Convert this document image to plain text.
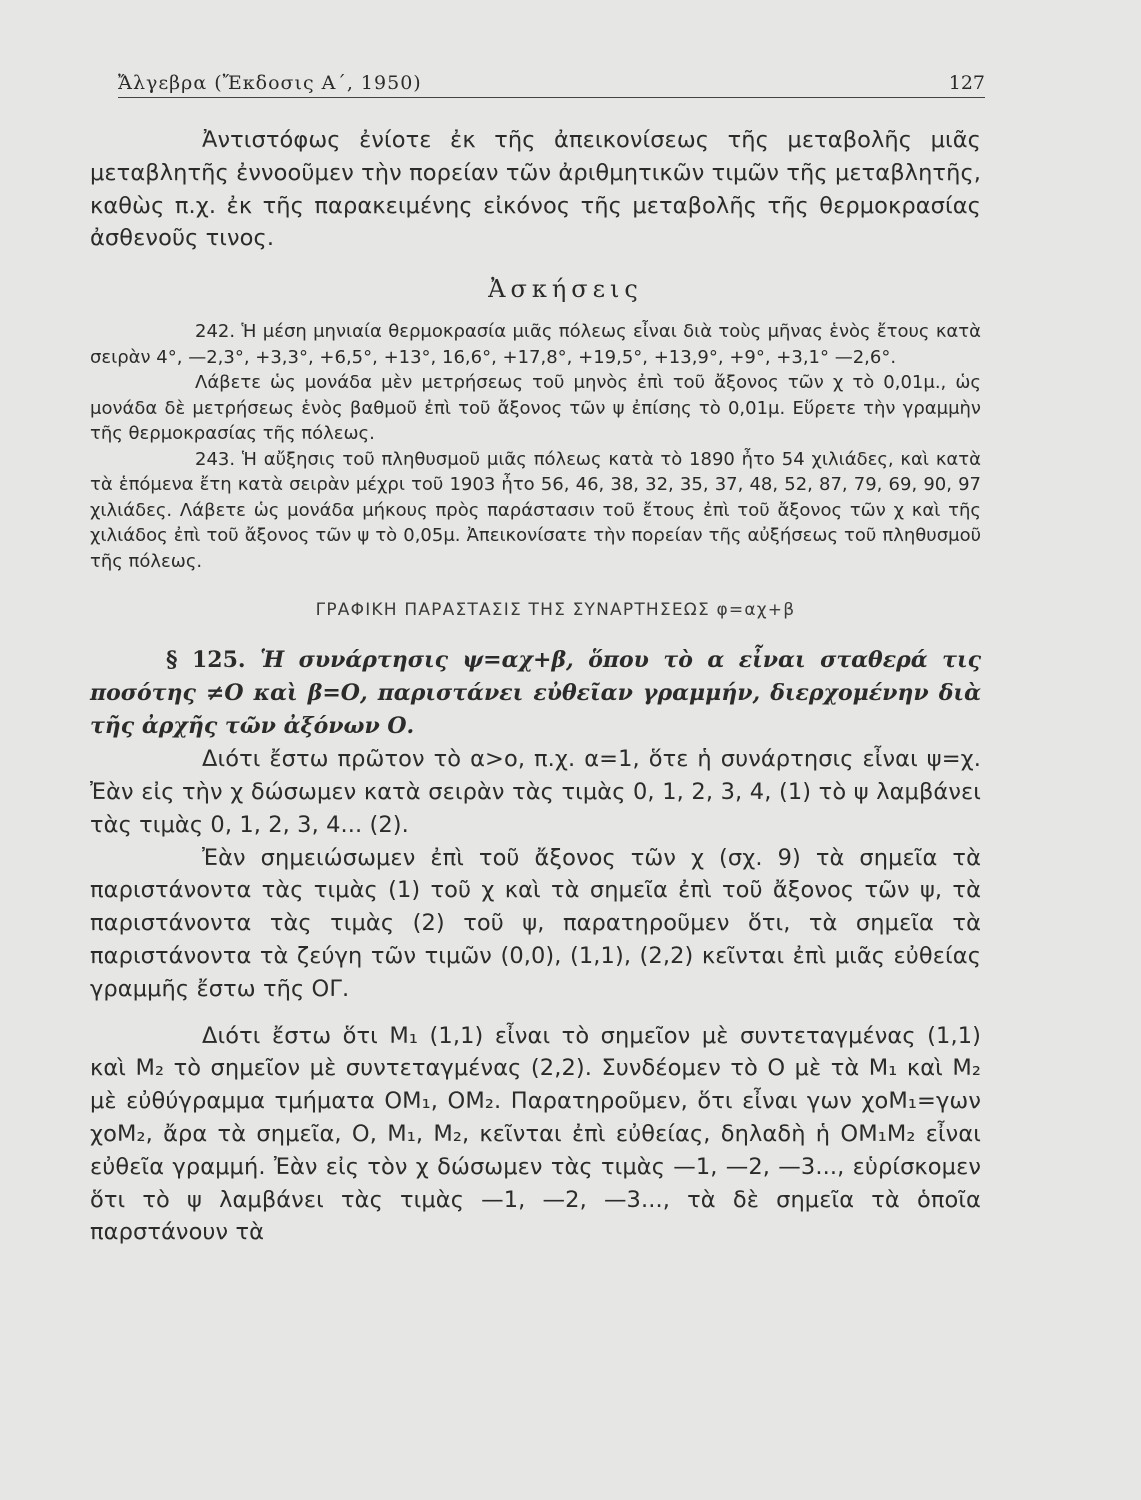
Ἄλγεβρα (Ἔκδοσις Α΄, 1950)	127

Ἀντιστόφως ἐνίοτε ἐκ τῆς ἀπεικονίσεως τῆς μεταβολῆς μιᾶς μεταβλητῆς ἐννοοῦμεν τὴν πορείαν τῶν ἀριθμητικῶν τιμῶν τῆς μεταβλητῆς, καθὼς π.χ. ἐκ τῆς παρακειμένης εἰκόνος τῆς μεταβολῆς τῆς θερμοκρασίας ἀσθενοῦς τινος.

Ἀσκήσεις

242. Ἡ μέση μηνιαία θερμοκρασία μιᾶς πόλεως εἶναι διὰ τοὺς μῆνας ἑνὸς ἔτους κατὰ σειρὰν 4°, —2,3°, +3,3°, +6,5°, +13°, 16,6°, +17,8°, +19,5°, +13,9°, +9°, +3,1° —2,6°.

Λάβετε ὡς μονάδα μὲν μετρήσεως τοῦ μηνὸς ἐπὶ τοῦ ἄξονος τῶν χ τὸ 0,01μ., ὡς μονάδα δὲ μετρήσεως ἑνὸς βαθμοῦ ἐπὶ τοῦ ἄξονος τῶν ψ ἐπίσης τὸ 0,01μ. Εὕρετε τὴν γραμμὴν τῆς θερμοκρασίας τῆς πόλεως.

243. Ἡ αὔξησις τοῦ πληθυσμοῦ μιᾶς πόλεως κατὰ τὸ 1890 ἦτο 54 χιλιάδες, καὶ κατὰ τὰ ἑπόμενα ἔτη κατὰ σειρὰν μέχρι τοῦ 1903 ἦτο 56, 46, 38, 32, 35, 37, 48, 52, 87, 79, 69, 90, 97 χιλιάδες. Λάβετε ὡς μονάδα μήκους πρὸς παράστασιν τοῦ ἔτους ἐπὶ τοῦ ἄξονος τῶν χ καὶ τῆς χιλιάδος ἐπὶ τοῦ ἄξονος τῶν ψ τὸ 0,05μ. Ἀπεικονίσατε τὴν πορείαν τῆς αὐξήσεως τοῦ πληθυσμοῦ τῆς πόλεως.

ΓΡΑΦΙΚΗ ΠΑΡΑΣΤΑΣΙΣ ΤΗΣ ΣΥΝΑΡΤΗΣΕΩΣ φ=αχ+β

§ 125. Ἡ συνάρτησις ψ=αχ+β, ὅπου τὸ α εἶναι σταθερά τις ποσότης ≠Ο καὶ β=Ο, παριστάνει εὐθεῖαν γραμμήν, διερχομένην διὰ τῆς ἀρχῆς τῶν ἀξόνων Ο.

Διότι ἔστω πρῶτον τὸ α>ο, π.χ. α=1, ὅτε ἡ συνάρτησις εἶναι ψ=χ. Ἐὰν εἰς τὴν χ δώσωμεν κατὰ σειρὰν τὰς τιμὰς 0, 1, 2, 3, 4, (1) τὸ ψ λαμβάνει τὰς τιμὰς 0, 1, 2, 3, 4... (2).

Ἐὰν σημειώσωμεν ἐπὶ τοῦ ἄξονος τῶν χ (σχ. 9) τὰ σημεῖα τὰ παριστάνοντα τὰς τιμὰς (1) τοῦ χ καὶ τὰ σημεῖα ἐπὶ τοῦ ἄξονος τῶν ψ, τὰ παριστάνοντα τὰς τιμὰς (2) τοῦ ψ, παρατηροῦμεν ὅτι, τὰ σημεῖα τὰ παριστάνοντα τὰ ζεύγη τῶν τιμῶν (0,0), (1,1), (2,2) κεῖνται ἐπὶ μιᾶς εὐθείας γραμμῆς ἔστω τῆς ΟΓ.

Διότι ἔστω ὅτι Μ₁ (1,1) εἶναι τὸ σημεῖον μὲ συντεταγμένας (1,1) καὶ Μ₂ τὸ σημεῖον μὲ συντεταγμένας (2,2). Συνδέομεν τὸ Ο μὲ τὰ Μ₁ καὶ Μ₂ μὲ εὐθύγραμμα τμήματα ΟΜ₁, ΟΜ₂. Παρατηροῦμεν, ὅτι εἶναι γων χοΜ₁=γων χοΜ₂, ἄρα τὰ σημεῖα, Ο, Μ₁, Μ₂, κεῖνται ἐπὶ εὐθείας, δηλαδὴ ἡ ΟΜ₁Μ₂ εἶναι εὐθεῖα γραμμή. Ἐὰν εἰς τὸν χ δώσωμεν τὰς τιμὰς —1, —2, —3..., εὑρίσκομεν ὅτι τὸ ψ λαμβάνει τὰς τιμὰς —1, —2, —3..., τὰ δὲ σημεῖα τὰ ὁποῖα παρστάνουν τὰ
